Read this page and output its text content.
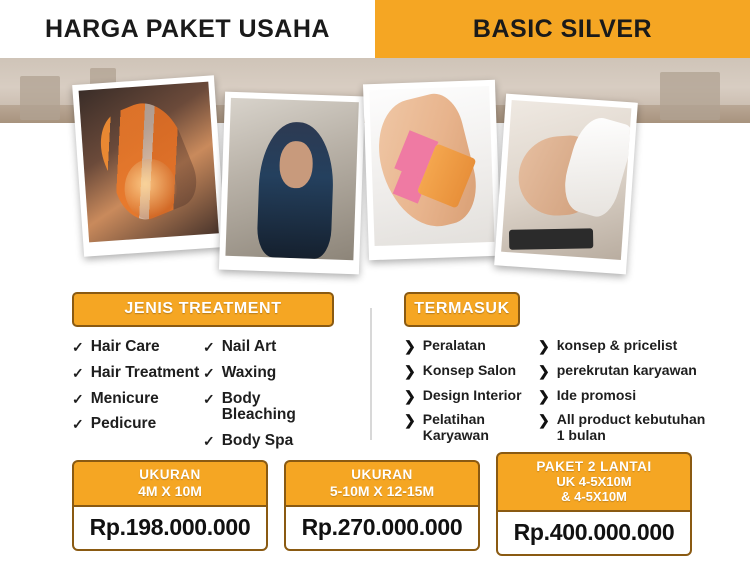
HARGA PAKET USAHA	BASIC SILVER
JENIS TREATMENT
✓ Hair Care
✓ Hair Treatment
✓ Menicure
✓ Pedicure
✓ Nail Art
✓ Waxing
✓ Body Bleaching
✓ Body Spa
TERMASUK
❯ Peralatan
❯ Konsep Salon
❯ Design Interior
❯ Pelatihan Karyawan
❯ konsep & pricelist
❯ perekrutan karyawan
❯ Ide promosi
❯ All product kebutuhan 1 bulan
UKURAN
4M X 10M
Rp.198.000.000
UKURAN
5-10M X 12-15M
Rp.270.000.000
PAKET 2 LANTAI
UK 4-5X10M
& 4-5X10M
Rp.400.000.000
